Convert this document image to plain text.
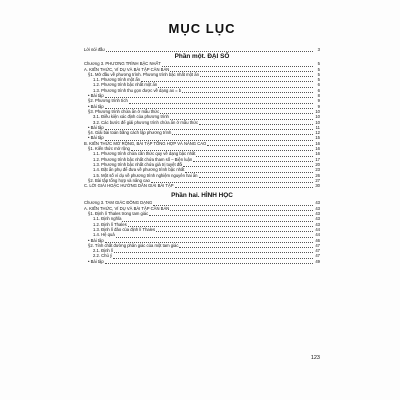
MỤC LỤC
Lời nói đầu	3
Phần một. ĐẠI SỐ
Chương 3. PHƯƠNG TRÌNH BẬC NHẤT	5
A. KIẾN THỨC, VÍ DỤ VÀ BÀI TẬP CĂN BẢN	5
§1. Mở đầu về phương trình. Phương trình bậc nhất một ẩn	5
1.1. Phương trình một ẩn	5
1.2. Phương trình bậc nhất một ẩn	6
1.3. Phương trình thu gọn được về dạng ax = b	6
• Bài tập	8
§2. Phương trình tích	9
• Bài tập	9
§3. Phương trình chứa ẩn ở mẫu thức	10
3.1. Điều kiện xác định của phương trình	10
3.2. Các bước để giải phương trình chứa ẩn ở mẫu thức	10
• Bài tập	11
§4. Giải bài toán bằng cách lập phương trình	12
• Bài tập	15
B. KIẾN THỨC MỞ RỘNG, BÀI TẬP TỔNG HỢP VÀ NÂNG CAO	16
§1. Kiến thức mở rộng	16
1.1. Phương trình chứa cần thức quy về dạng bậc nhất	16
1.2. Phương trình bậc nhất chứa tham số – Biện luận	17
1.3. Phương trình bậc nhất chứa giá trị tuyệt đối	20
1.4. Đặt ẩn phụ để đưa về phương trình bậc nhất	23
1.5. Một số ví dụ về phương trình nghiệm nguyên hai ẩn	26
§2. Bài tập tổng hợp và nâng cao	27
C. LỜI GIẢI HOẶC HƯỚNG DẪN GIẢI BÀI TẬP	30
Phần hai. HÌNH HỌC
Chương 3. TAM GIÁC ĐỒNG DẠNG	43
A. KIẾN THỨC, VÍ DỤ VÀ BÀI TẬP CĂN BẢN	43
§1. Định lí Thales trong tam giác	43
1.1. Định nghĩa	43
1.2. Định lí Thales	43
1.3. Định lí đảo của định lí Thales	44
1.4. Hệ quả	44
• Bài tập	46
§2. Tính chất đường phân giác của một tam giác	47
2.1. Định lí	47
2.2. Chú ý	47
• Bài tập	49
123
